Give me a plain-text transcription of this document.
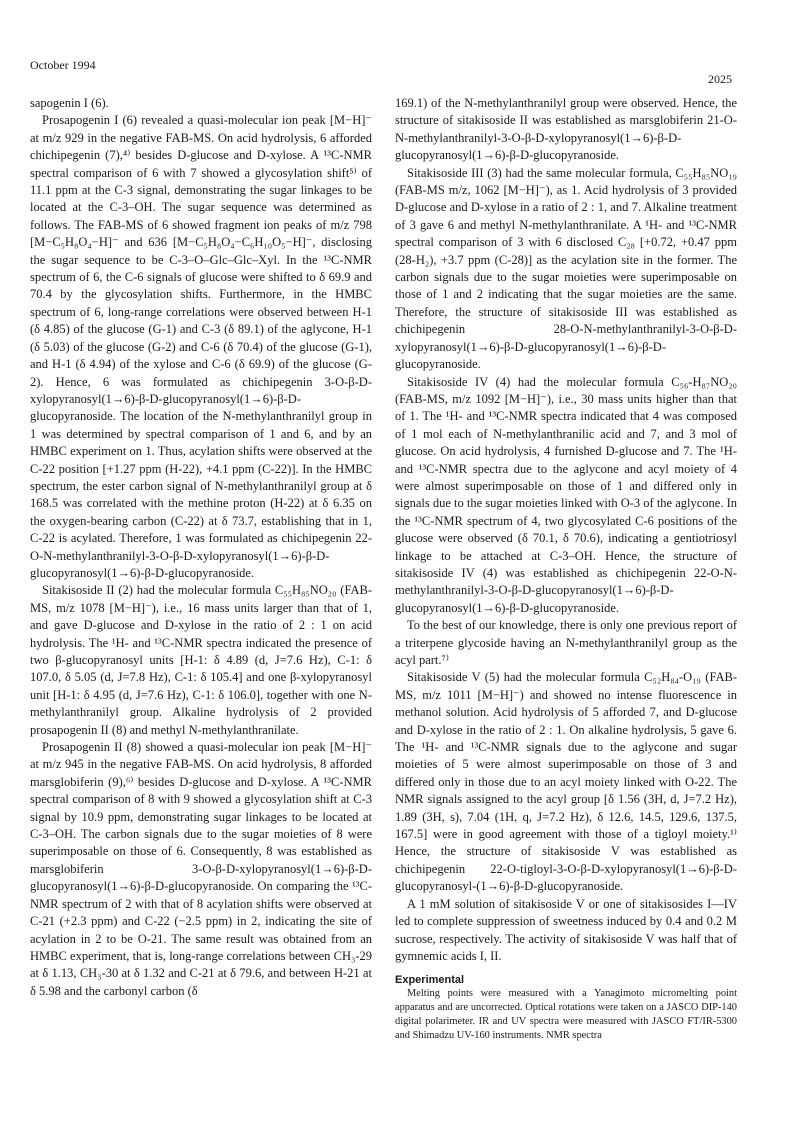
October 1994
2025

sapogenin I (6).

Prosapogenin I (6) revealed a quasi-molecular ion peak [M−H]⁻ at m/z 929 in the negative FAB-MS. On acid hydrolysis, 6 afforded chichipegenin (7),⁴⁾ besides D-glucose and D-xylose. A ¹³C-NMR spectral comparison of 6 with 7 showed a glycosylation shift⁵⁾ of 11.1 ppm at the C-3 signal, demonstrating the sugar linkages to be located at the C-3–OH. The sugar sequence was determined as follows. The FAB-MS of 6 showed fragment ion peaks of m/z 798 [M−C₅H₈O₄−H]⁻ and 636 [M−C₅H₈O₄−C₆H₁₀O₅−H]⁻, disclosing the sugar sequence to be C-3–O–Glc–Glc–Xyl. In the ¹³C-NMR spectrum of 6, the C-6 signals of glucose were shifted to δ 69.9 and 70.4 by the glycosylation shifts. Furthermore, in the HMBC spectrum of 6, long-range correlations were observed between H-1 (δ 4.85) of the glucose (G-1) and C-3 (δ 89.1) of the aglycone, H-1 (δ 5.03) of the glucose (G-2) and C-6 (δ 70.4) of the glucose (G-1), and H-1 (δ 4.94) of the xylose and C-6 (δ 69.9) of the glucose (G-2). Hence, 6 was formulated as chichipegenin 3-O-β-D-xylopyranosyl(1→6)-β-D-glucopyranosyl(1→6)-β-D-glucopyranoside. The location of the N-methylanthranilyl group in 1 was determined by spectral comparison of 1 and 6, and by an HMBC experiment on 1. Thus, acylation shifts were observed at the C-22 position [+1.27 ppm (H-22), +4.1 ppm (C-22)]. In the HMBC spectrum, the ester carbon signal of N-methylanthranilyl group at δ 168.5 was correlated with the methine proton (H-22) at δ 6.35 on the oxygen-bearing carbon (C-22) at δ 73.7, establishing that in 1, C-22 is acylated. Therefore, 1 was formulated as chichipegenin 22-O-N-methylanthranilyl-3-O-β-D-xylopyranosyl(1→6)-β-D-glucopyranosyl(1→6)-β-D-glucopyranoside.

Sitakisoside II (2) had the molecular formula C₅₅H₈₅NO₂₀ (FAB-MS, m/z 1078 [M−H]⁻), i.e., 16 mass units larger than that of 1, and gave D-glucose and D-xylose in the ratio of 2 : 1 on acid hydrolysis. The ¹H- and ¹³C-NMR spectra indicated the presence of two β-glucopyranosyl units [H-1: δ 4.89 (d, J=7.6 Hz), C-1: δ 107.0, δ 5.05 (d, J=7.8 Hz), C-1: δ 105.4] and one β-xylopyranosyl unit [H-1: δ 4.95 (d, J=7.6 Hz), C-1: δ 106.0], together with one N-methylanthranilyl group. Alkaline hydrolysis of 2 provided prosapogenin II (8) and methyl N-methylanthranilate.

Prosapogenin II (8) showed a quasi-molecular ion peak [M−H]⁻ at m/z 945 in the negative FAB-MS. On acid hydrolysis, 8 afforded marsglobiferin (9),⁶⁾ besides D-glucose and D-xylose. A ¹³C-NMR spectral comparison of 8 with 9 showed a glycosylation shift at C-3 signal by 10.9 ppm, demonstrating sugar linkages to be located at C-3–OH. The carbon signals due to the sugar moieties of 8 were superimposable on those of 6. Consequently, 8 was established as marsglobiferin 3-O-β-D-xylopyranosyl(1→6)-β-D-glucopyranosyl(1→6)-β-D-glucopyranoside. On comparing the ¹³C-NMR spectrum of 2 with that of 8 acylation shifts were observed at C-21 (+2.3 ppm) and C-22 (−2.5 ppm) in 2, indicating the site of acylation in 2 to be O-21. The same result was obtained from an HMBC experiment, that is, long-range correlations between CH₃-29 at δ 1.13, CH₃-30 at δ 1.32 and C-21 at δ 79.6, and between H-21 at δ 5.98 and the carbonyl carbon (δ

169.1) of the N-methylanthranilyl group were observed. Hence, the structure of sitakisoside II was established as marsglobiferin 21-O-N-methylanthranilyl-3-O-β-D-xylopyranosyl(1→6)-β-D-glucopyranosyl(1→6)-β-D-glucopyranoside.

Sitakisoside III (3) had the same molecular formula, C₅₅H₈₅NO₁₉ (FAB-MS m/z, 1062 [M−H]⁻), as 1. Acid hydrolysis of 3 provided D-glucose and D-xylose in a ratio of 2 : 1, and 7. Alkaline treatment of 3 gave 6 and methyl N-methylanthranilate. A ¹H- and ¹³C-NMR spectral comparison of 3 with 6 disclosed C₂₈ [+0.72, +0.47 ppm (28-H₂), +3.7 ppm (C-28)] as the acylation site in the former. The carbon signals due to the sugar moieties were superimposable on those of 1 and 2 indicating that the sugar moieties are the same. Therefore, the structure of sitakisoside III was established as chichipegenin 28-O-N-methylanthranilyl-3-O-β-D-xylopyranosyl(1→6)-β-D-glucopyranosyl(1→6)-β-D-glucopyranoside.

Sitakisoside IV (4) had the molecular formula C₅₆-H₈₇NO₂₀ (FAB-MS, m/z 1092 [M−H]⁻), i.e., 30 mass units higher than that of 1. The ¹H- and ¹³C-NMR spectra indicated that 4 was composed of 1 mol each of N-methylanthranilic acid and 7, and 3 mol of glucose. On acid hydrolysis, 4 furnished D-glucose and 7. The ¹H- and ¹³C-NMR spectra due to the aglycone and acyl moiety of 4 were almost superimposable on those of 1 and differed only in signals due to the sugar moieties linked with O-3 of the aglycone. In the ¹³C-NMR spectrum of 4, two glycosylated C-6 positions of the glucose were observed (δ 70.1, δ 70.6), indicating a gentiotriosyl linkage to be attached at C-3–OH. Hence, the structure of sitakisoside IV (4) was established as chichipegenin 22-O-N-methylanthranilyl-3-O-β-D-glucopyranosyl(1→6)-β-D-glucopyranosyl(1→6)-β-D-glucopyranoside.

To the best of our knowledge, there is only one previous report of a triterpene glycoside having an N-methylanthranilyl group as the acyl part.⁷⁾

Sitakisoside V (5) had the molecular formula C₅₂H₈₄-O₁₉ (FAB-MS, m/z 1011 [M−H]⁻) and showed no intense fluorescence in methanol solution. Acid hydrolysis of 5 afforded 7, and D-glucose and D-xylose in the ratio of 2 : 1. On alkaline hydrolysis, 5 gave 6. The ¹H- and ¹³C-NMR signals due to the aglycone and sugar moieties of 5 were almost superimposable on those of 3 and differed only in those due to an acyl moiety linked with O-22. The NMR signals assigned to the acyl group [δ 1.56 (3H, d, J=7.2 Hz), 1.89 (3H, s), 7.04 (1H, q, J=7.2 Hz), δ 12.6, 14.5, 129.6, 137.5, 167.5] were in good agreement with those of a tigloyl moiety.¹⁾ Hence, the structure of sitakisoside V was established as chichipegenin 22-O-tigloyl-3-O-β-D-xylopyranosyl(1→6)-β-D-glucopyranosyl-(1→6)-β-D-glucopyranoside.

A 1 mM solution of sitakisoside V or one of sitakisosides I—IV led to complete suppression of sweetness induced by 0.4 and 0.2 M sucrose, respectively. The activity of sitakisoside V was half that of gymnemic acids I, II.

Experimental

Melting points were measured with a Yanagimoto micromelting point apparatus and are uncorrected. Optical rotations were taken on a JASCO DIP-140 digital polarimeter. IR and UV spectra were measured with JASCO FT/IR-5300 and Shimadzu UV-160 instruments. NMR spectra
